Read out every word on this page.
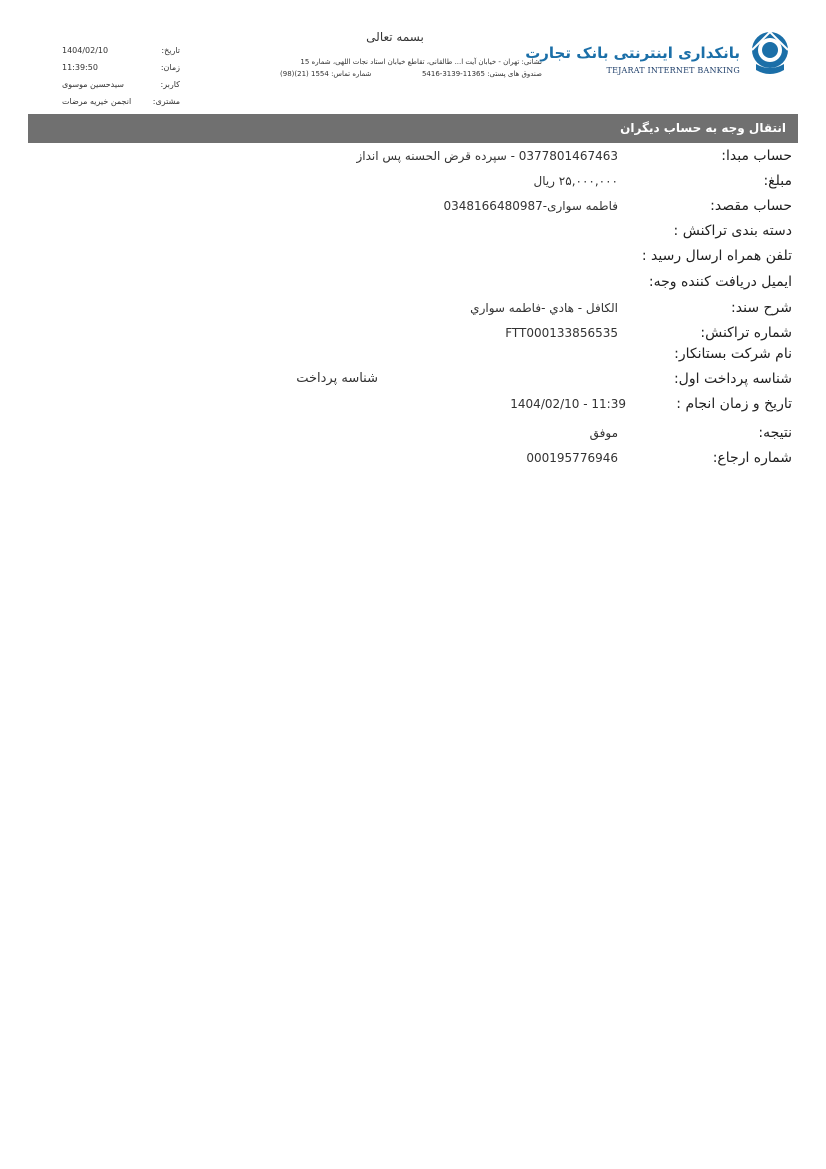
بانکداری اینترنتی بانک تجارت
TEJARAT INTERNET BANKING
بسمه تعالی
نشانی: تهران - خیابان آیت ا... طالقانی، تقاطع خیابان استاد نجات اللهی، شماره 15
صندوق های پستی: 11365-3139-5416
شماره تماس: 1554 (21)(98)
تاریخ:
1404/02/10
زمان:
11:39:50
کاربر:
سیدحسین موسوی
مشتری:
انجمن خیریه مرضات
انتقال وجه به حساب دیگران
حساب مبدا:
0377801467463 - سپرده قرض الحسنه پس انداز
مبلغ:
۲۵,۰۰۰,۰۰۰ ریال
حساب مقصد:
فاطمه سواری-0348166480987
دسته بندی تراکنش :
تلفن همراه ارسال رسید :
ایمیل دریافت کننده وجه:
شرح سند:
الكافل - هادي -فاطمه سواري
شماره تراکنش:
FTT000133856535
نام شرکت بستانکار:
شناسه پرداخت اول:
شناسه پرداخت
تاریخ و زمان انجام :
1404/02/10 - 11:39
نتیجه:
موفق
شماره ارجاع:
000195776946
